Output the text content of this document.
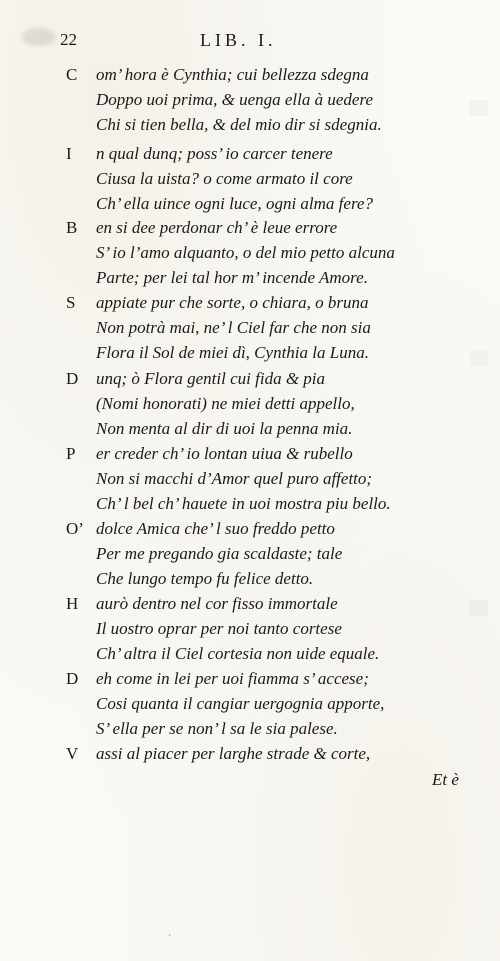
22	LIB. I.
C om’ hora è Cynthia; cui bellezza sdegna
Doppo uoi prima, & uenga ella à uedere
Chi si tien bella, & del mio dir si sdegnia.
I n qual dunq; poss’ io carcer tenere
Ciusa la uista? o come armato il core
Ch’ ella uince ogni luce, ogni alma fere?
B en si dee perdonar ch’ è leue errore
S’ io l’amo alquanto, o del mio petto alcuna
Parte; per lei tal hor m’ incende Amore.
S appiate pur che sorte, o chiara, o bruna
Non potrà mai, ne’ l Ciel far che non sia
Flora il Sol de miei dì, Cynthia la Luna.
D unq; ò Flora gentil cui fida & pia
(Nomi honorati) ne miei detti appello,
Non menta al dir di uoi la penna mia.
P er creder ch’ io lontan uiua & rubello
Non si macchi d’Amor quel puro affetto;
Ch’ l bel ch’ hauete in uoi mostra piu bello.
O’ dolce Amica che’ l suo freddo petto
Per me pregando gia scaldaste; tale
Che lungo tempo fu felice detto.
H aurò dentro nel cor fisso immortale
Il uostro oprar per noi tanto cortese
Ch’ altra il Ciel cortesia non uide equale.
D eh come in lei per uoi fiamma s’ accese;
Cosi quanta il cangiar uergognia apporte,
S’ ella per se non’ l sa le sia palese.
V assi al piacer per larghe strade & corte,
Et è
ˋ
